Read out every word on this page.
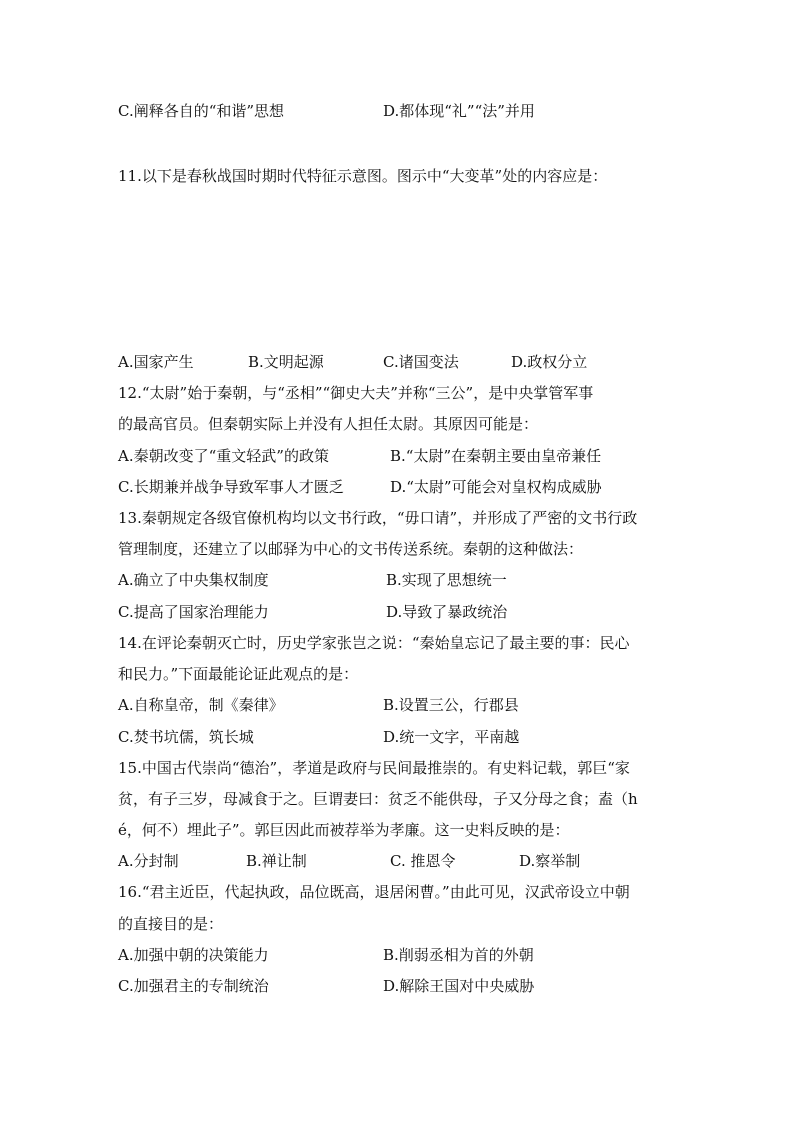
C.阐释各自的“和谐”思想	D.都体现“礼”“法”并用
11.以下是春秋战国时期时代特征示意图。图示中“大变革”处的内容应是：
A.国家产生	B.文明起源	C.诸国变法	D.政权分立
12.“太尉”始于秦朝，与“丞相”“御史大夫”并称“三公”，是中央掌管军事
的最高官员。但秦朝实际上并没有人担任太尉。其原因可能是：
A.秦朝改变了“重文轻武”的政策	B.“太尉”在秦朝主要由皇帝兼任
C.长期兼并战争导致军事人才匮乏	D.“太尉”可能会对皇权构成威胁
13.秦朝规定各级官僚机构均以文书行政，“毋口请”，并形成了严密的文书行政
管理制度，还建立了以邮驿为中心的文书传送系统。秦朝的这种做法：
A.确立了中央集权制度	B.实现了思想统一
C.提高了国家治理能力	D.导致了暴政统治
14.在评论秦朝灭亡时，历史学家张岂之说：“秦始皇忘记了最主要的事：民心
和民力。”下面最能论证此观点的是：
A.自称皇帝，制《秦律》	B.设置三公，行郡县
C.焚书坑儒，筑长城	D.统一文字，平南越
15.中国古代崇尚“德治”，孝道是政府与民间最推崇的。有史料记载，郭巨“家
贫，有子三岁，母减食于之。巨谓妻曰：贫乏不能供母，子又分母之食；盍（h
é，何不）埋此子”。郭巨因此而被荐举为孝廉。这一史料反映的是：
A.分封制	B.禅让制	C. 推恩令	D.察举制
16.“君主近臣，代起执政，品位既高，退居闲曹。”由此可见，汉武帝设立中朝
的直接目的是：
A.加强中朝的决策能力	B.削弱丞相为首的外朝
C.加强君主的专制统治	D.解除王国对中央威胁
